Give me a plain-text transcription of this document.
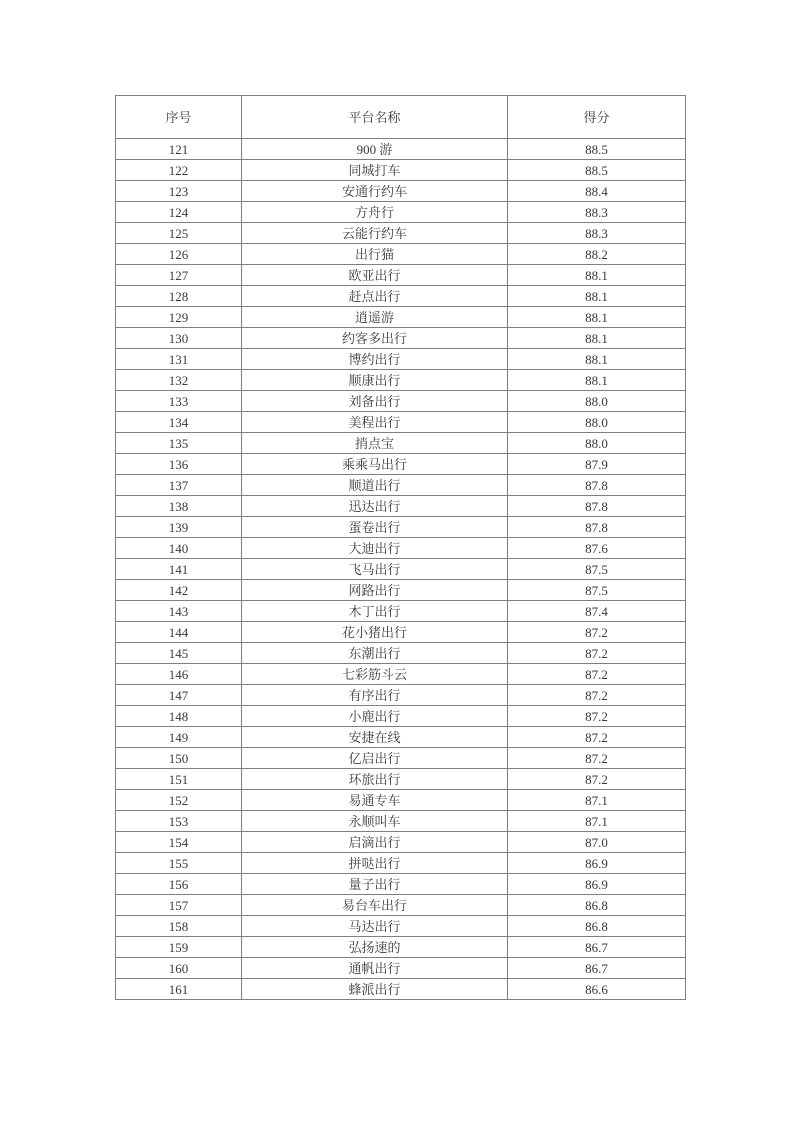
序号	平台名称	得分
121	900 游	88.5
122	同城打车	88.5
123	安通行约车	88.4
124	方舟行	88.3
125	云能行约车	88.3
126	出行猫	88.2
127	欧亚出行	88.1
128	赶点出行	88.1
129	逍遥游	88.1
130	约客多出行	88.1
131	博约出行	88.1
132	顺康出行	88.1
133	刘备出行	88.0
134	美程出行	88.0
135	捎点宝	88.0
136	乘乘马出行	87.9
137	顺道出行	87.8
138	迅达出行	87.8
139	蛋卷出行	87.8
140	大迪出行	87.6
141	飞马出行	87.5
142	网路出行	87.5
143	木丁出行	87.4
144	花小猪出行	87.2
145	东潮出行	87.2
146	七彩筋斗云	87.2
147	有序出行	87.2
148	小鹿出行	87.2
149	安捷在线	87.2
150	亿启出行	87.2
151	环旅出行	87.2
152	易通专车	87.1
153	永顺叫车	87.1
154	启滴出行	87.0
155	拼哒出行	86.9
156	量子出行	86.9
157	易台车出行	86.8
158	马达出行	86.8
159	弘扬速的	86.7
160	通帆出行	86.7
161	蜂派出行	86.6
